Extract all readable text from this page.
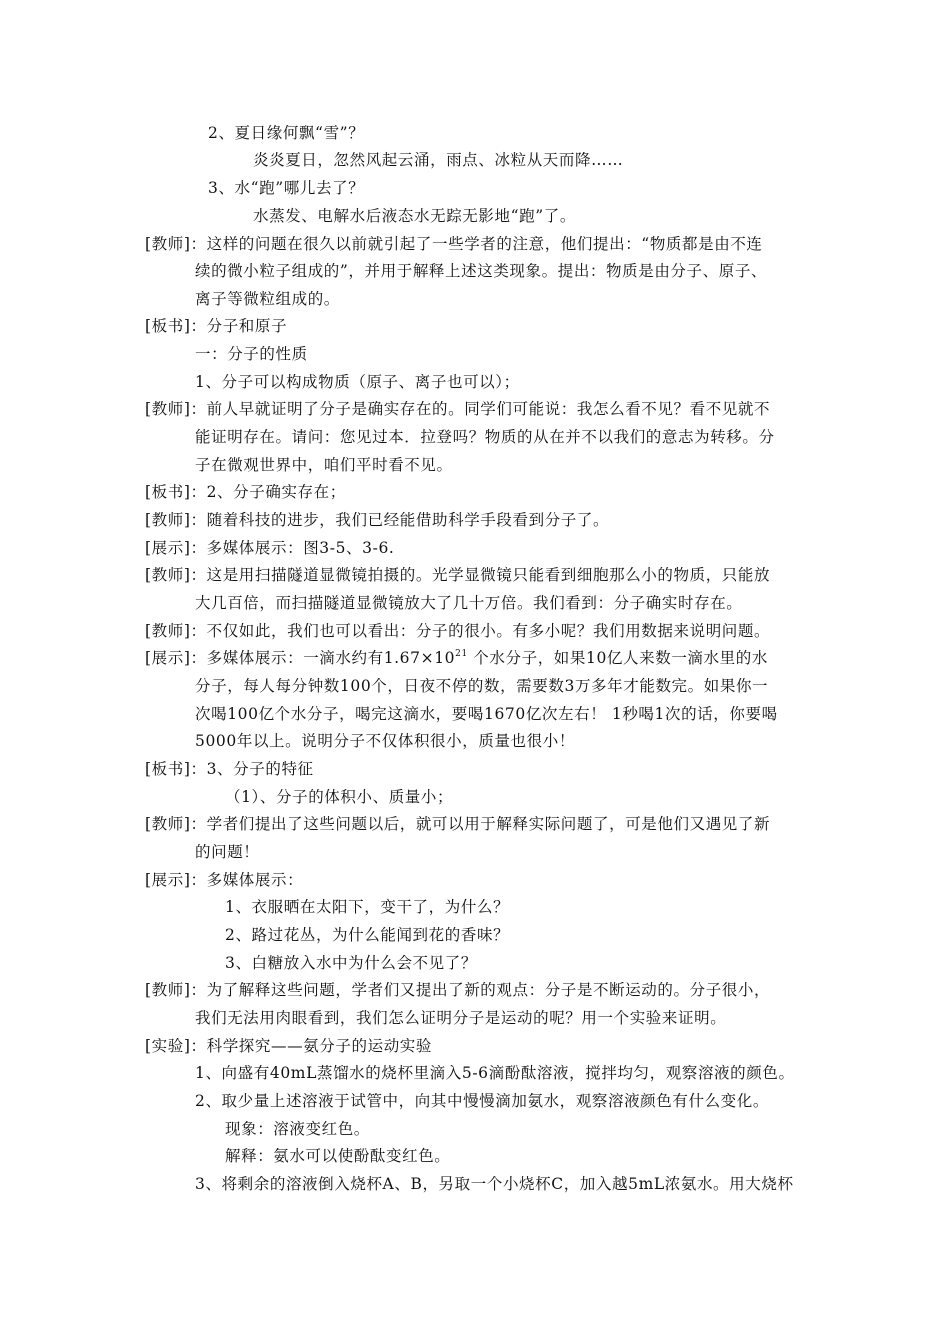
2、夏日缘何飘“雪”？
炎炎夏日，忽然风起云涌，雨点、冰粒从天而降……
3、水“跑”哪儿去了？
水蒸发、电解水后液态水无踪无影地“跑”了。
[教师]：这样的问题在很久以前就引起了一些学者的注意，他们提出：“物质都是由不连
续的微小粒子组成的”，并用于解释上述这类现象。提出：物质是由分子、原子、
离子等微粒组成的。
[板书]：分子和原子
一：分子的性质
1、分子可以构成物质（原子、离子也可以）；
[教师]：前人早就证明了分子是确实存在的。同学们可能说：我怎么看不见？看不见就不
能证明存在。请问：您见过本．拉登吗？物质的从在并不以我们的意志为转移。分
子在微观世界中，咱们平时看不见。
[板书]：2、分子确实存在；
[教师]：随着科技的进步，我们已经能借助科学手段看到分子了。
[展示]：多媒体展示：图3-5、3-6.
[教师]：这是用扫描隧道显微镜拍摄的。光学显微镜只能看到细胞那么小的物质，只能放
大几百倍，而扫描隧道显微镜放大了几十万倍。我们看到：分子确实时存在。
[教师]：不仅如此，我们也可以看出：分子的很小。有多小呢？我们用数据来说明问题。
[展示]：多媒体展示：一滴水约有$1.67\times 10^{21}$ 个水分子，如果10亿人来数一滴水里的水
分子，每人每分钟数100个，日夜不停的数，需要数3万多年才能数完。如果你一
次喝100亿个水分子，喝完这滴水，要喝1670亿次左右！ 1秒喝1次的话，你要喝
5000年以上。说明分子不仅体积很小，质量也很小！
[板书]：3、分子的特征
（1）、分子的体积小、质量小；
[教师]：学者们提出了这些问题以后，就可以用于解释实际问题了，可是他们又遇见了新
的问题！
[展示]：多媒体展示：
1、衣服晒在太阳下，变干了，为什么？
2、路过花丛，为什么能闻到花的香味？
3、白糖放入水中为什么会不见了？
[教师]：为了解释这些问题，学者们又提出了新的观点：分子是不断运动的。分子很小，
我们无法用肉眼看到，我们怎么证明分子是运动的呢？用一个实验来证明。
[实验]：科学探究——氨分子的运动实验
1、向盛有40mL蒸馏水的烧杯里滴入5-6滴酚酞溶液，搅拌均匀，观察溶液的颜色。
2、取少量上述溶液于试管中，向其中慢慢滴加氨水，观察溶液颜色有什么变化。
现象：溶液变红色。
解释：氨水可以使酚酞变红色。
3、将剩余的溶液倒入烧杯A、B，另取一个小烧杯C，加入越5mL浓氨水。用大烧杯
